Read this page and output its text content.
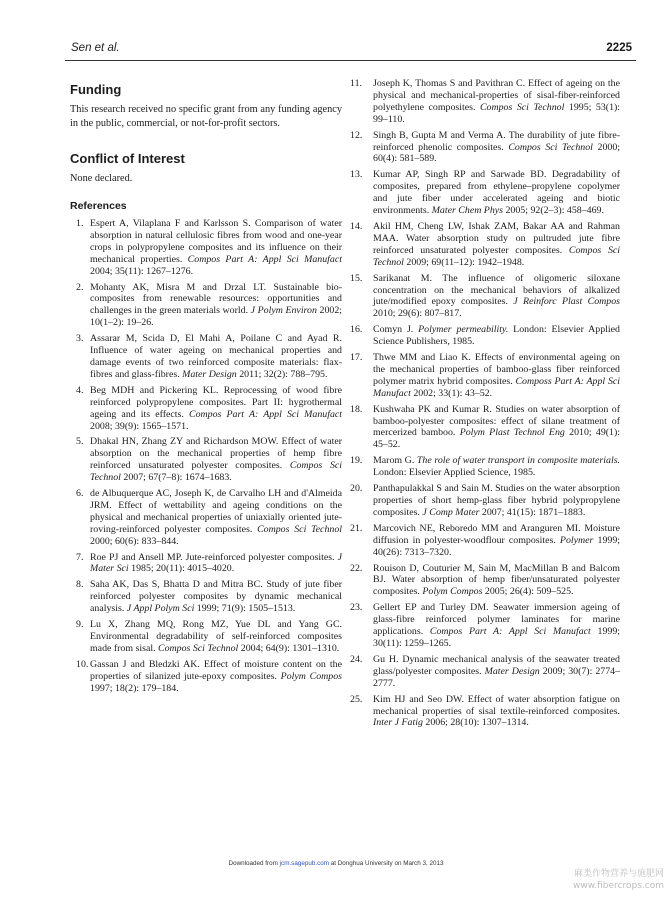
Sen et al.	2225
Funding

This research received no specific grant from any funding agency in the public, commercial, or not-for-profit sectors.

Conflict of Interest

None declared.

References
1. Espert A, Vilaplana F and Karlsson S. Comparison of water absorption in natural cellulosic fibres from wood and one-year crops in polypropylene composites and its influence on their mechanical properties. Compos Part A: Appl Sci Manufact 2004; 35(11): 1267–1276.
2. Mohanty AK, Misra M and Drzal LT. Sustainable bio-composites from renewable resources: opportunities and challenges in the green materials world. J Polym Environ 2002; 10(1–2): 19–26.
3. Assarar M, Scida D, El Mahi A, Poilane C and Ayad R. Influence of water ageing on mechanical properties and damage events of two reinforced composite materials: flax-fibres and glass-fibres. Mater Design 2011; 32(2): 788–795.
4. Beg MDH and Pickering KL. Reprocessing of wood fibre reinforced polypropylene composites. Part II: hygrothermal ageing and its effects. Compos Part A: Appl Sci Manufact 2008; 39(9): 1565–1571.
5. Dhakal HN, Zhang ZY and Richardson MOW. Effect of water absorption on the mechanical properties of hemp fibre reinforced unsaturated polyester composites. Compos Sci Technol 2007; 67(7–8): 1674–1683.
6. de Albuquerque AC, Joseph K, de Carvalho LH and d'Almeida JRM. Effect of wettability and ageing conditions on the physical and mechanical properties of uniaxially oriented jute-roving-reinforced polyester composites. Compos Sci Technol 2000; 60(6): 833–844.
7. Roe PJ and Ansell MP. Jute-reinforced polyester composites. J Mater Sci 1985; 20(11): 4015–4020.
8. Saha AK, Das S, Bhatta D and Mitra BC. Study of jute fiber reinforced polyester composites by dynamic mechanical analysis. J Appl Polym Sci 1999; 71(9): 1505–1513.
9. Lu X, Zhang MQ, Rong MZ, Yue DL and Yang GC. Environmental degradability of self-reinforced composites made from sisal. Compos Sci Technol 2004; 64(9): 1301–1310.
10. Gassan J and Bledzki AK. Effect of moisture content on the properties of silanized jute-epoxy composites. Polym Compos 1997; 18(2): 179–184.
11. Joseph K, Thomas S and Pavithran C. Effect of ageing on the physical and mechanical-properties of sisal-fiber-reinforced polyethylene composites. Compos Sci Technol 1995; 53(1): 99–110.
12. Singh B, Gupta M and Verma A. The durability of jute fibre-reinforced phenolic composites. Compos Sci Technol 2000; 60(4): 581–589.
13. Kumar AP, Singh RP and Sarwade BD. Degradability of composites, prepared from ethylene–propylene copolymer and jute fiber under accelerated ageing and biotic environments. Mater Chem Phys 2005; 92(2–3): 458–469.
14. Akil HM, Cheng LW, Ishak ZAM, Bakar AA and Rahman MAA. Water absorption study on pultruded jute fibre reinforced unsaturated polyester composites. Compos Sci Technol 2009; 69(11–12): 1942–1948.
15. Sarikanat M. The influence of oligomeric siloxane concentration on the mechanical behaviors of alkalized jute/modified epoxy composites. J Reinforc Plast Compos 2010; 29(6): 807–817.
16. Comyn J. Polymer permeability. London: Elsevier Applied Science Publishers, 1985.
17. Thwe MM and Liao K. Effects of environmental ageing on the mechanical properties of bamboo-glass fiber reinforced polymer matrix hybrid composites. Composs Part A: Appl Sci Manufact 2002; 33(1): 43–52.
18. Kushwaha PK and Kumar R. Studies on water absorption of bamboo-polyester composites: effect of silane treatment of mercerized bamboo. Polym Plast Technol Eng 2010; 49(1): 45–52.
19. Marom G. The role of water transport in composite materials. London: Elsevier Applied Science, 1985.
20. Panthapulakkal S and Sain M. Studies on the water absorption properties of short hemp-glass fiber hybrid polypropylene composites. J Comp Mater 2007; 41(15): 1871–1883.
21. Marcovich NE, Reboredo MM and Aranguren MI. Moisture diffusion in polyester-woodflour composites. Polymer 1999; 40(26): 7313–7320.
22. Rouison D, Couturier M, Sain M, MacMillan B and Balcom BJ. Water absorption of hemp fiber/unsaturated polyester composites. Polym Compos 2005; 26(4): 509–525.
23. Gellert EP and Turley DM. Seawater immersion ageing of glass-fibre reinforced polymer laminates for marine applications. Compos Part A: Appl Sci Manufact 1999; 30(11): 1259–1265.
24. Gu H. Dynamic mechanical analysis of the seawater treated glass/polyester composites. Mater Design 2009; 30(7): 2774–2777.
25. Kim HJ and Seo DW. Effect of water absorption fatigue on mechanical properties of sisal textile-reinforced composites. Inter J Fatig 2006; 28(10): 1307–1314.
Downloaded from jcm.sagepub.com at Donghua University on March 3, 2013
麻类作物营养与施肥网
www.fibercrops.com
